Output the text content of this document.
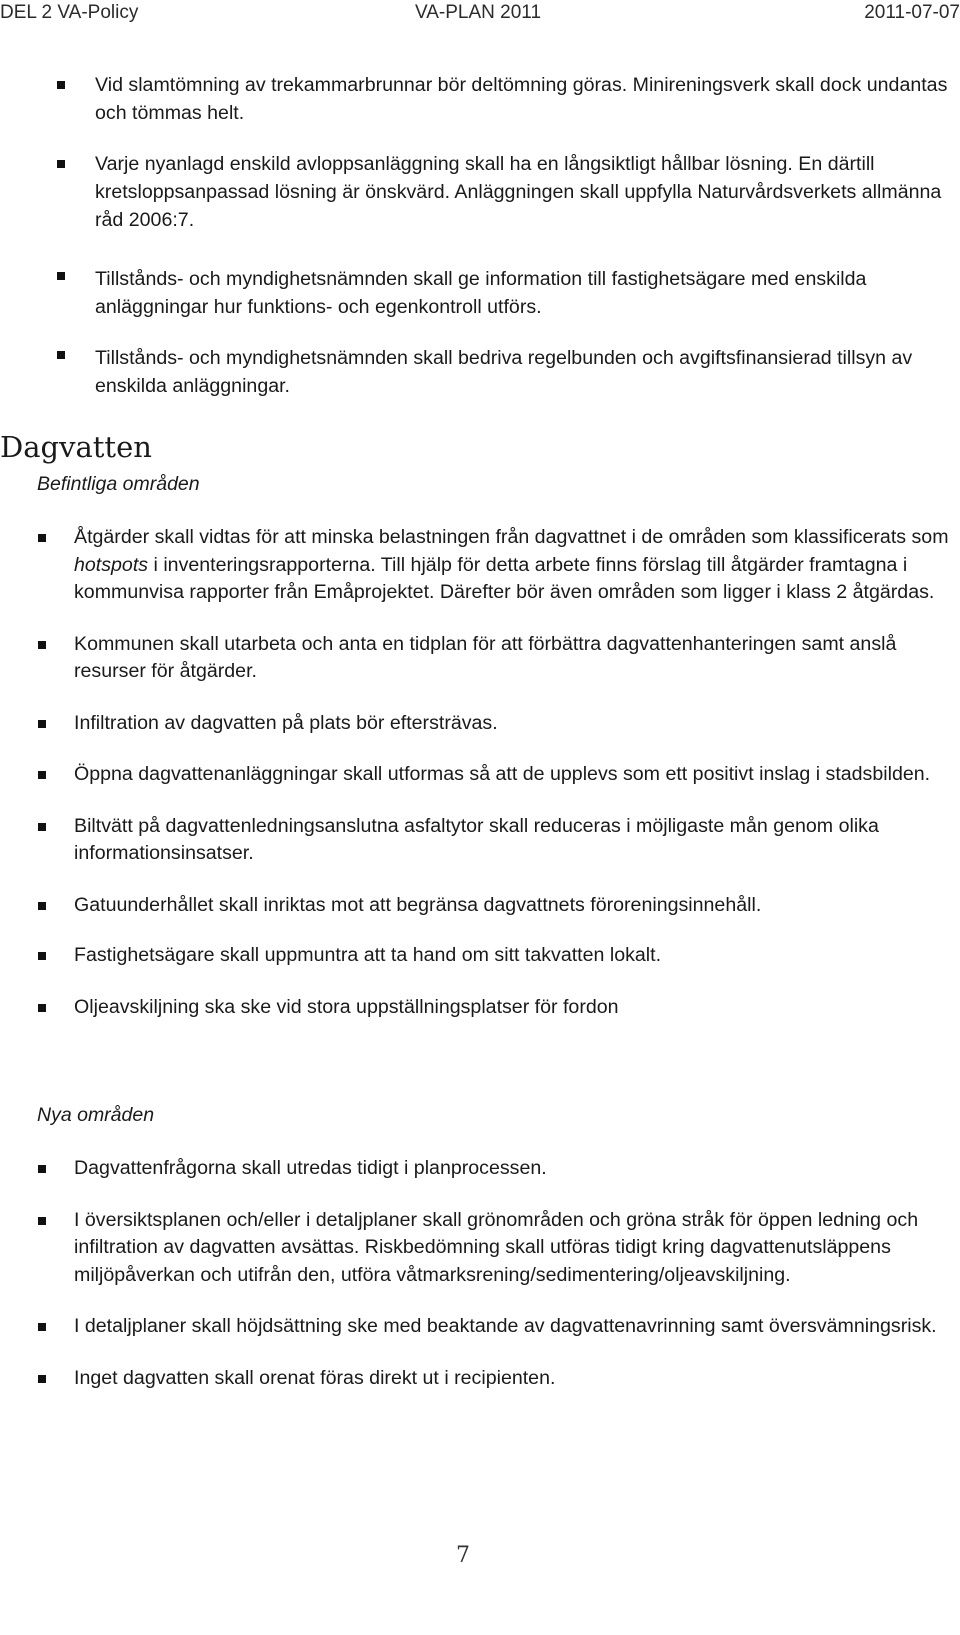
DEL 2 VA-Policy	VA-PLAN 2011	2011-07-07
Vid slamtömning av trekammarbrunnar bör deltömning göras. Minireningsverk skall dock undantas och tömmas helt.
Varje nyanlagd enskild avloppsanläggning skall ha en långsiktligt hållbar lösning. En därtill kretsloppsanpassad lösning är önskvärd. Anläggningen skall uppfylla Naturvårdsverkets allmänna råd 2006:7.
Tillstånds- och myndighetsnämnden skall ge information till fastighetsägare med enskilda anläggningar hur funktions- och egenkontroll utförs.
Tillstånds- och myndighetsnämnden skall bedriva regelbunden och avgiftsfinansierad tillsyn av enskilda anläggningar.
Dagvatten
Befintliga områden
Åtgärder skall vidtas för att minska belastningen från dagvattnet i de områden som klassificerats som hotspots i inventeringsrapporterna. Till hjälp för detta arbete finns förslag till åtgärder framtagna i kommunvisa rapporter från Emåprojektet. Därefter bör även områden som ligger i klass 2 åtgärdas.
Kommunen skall utarbeta och anta en tidplan för att förbättra dagvattenhanteringen samt anslå resurser för åtgärder.
Infiltration av dagvatten på plats bör eftersträvas.
Öppna dagvattenanläggningar skall utformas så att de upplevs som ett positivt inslag i stadsbilden.
Biltvätt på dagvattenledningsanslutna asfaltytor skall reduceras i möjligaste mån genom olika informationsinsatser.
Gatuunderhållet skall inriktas mot att begränsa dagvattnets föroreningsinnehåll.
Fastighetsägare skall uppmuntra att ta hand om sitt takvatten lokalt.
Oljeavskiljning ska ske vid stora uppställningsplatser för fordon
Nya områden
Dagvattenfrågorna skall utredas tidigt i planprocessen.
I översiktsplanen och/eller i detaljplaner skall grönområden och gröna stråk för öppen ledning och infiltration av dagvatten avsättas. Riskbedömning skall utföras tidigt kring dagvattenutsläppens miljöpåverkan och utifrån den, utföra våtmarksrening/sedimentering/oljeavskiljning.
I detaljplaner skall höjdsättning ske med beaktande av dagvattenavrinning samt översvämningsrisk.
Inget dagvatten skall orenat föras direkt ut i recipienten.
7
